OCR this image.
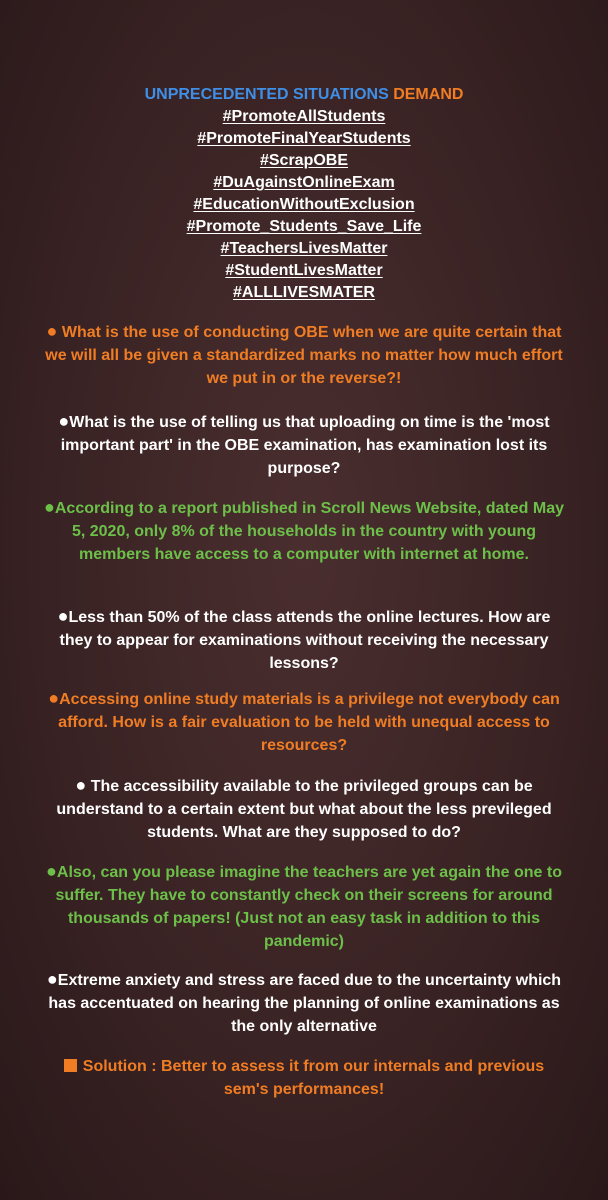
UNPRECEDENTED SITUATIONS DEMAND
#PromoteAllStudents
#PromoteFinalYearStudents
#ScrapOBE
#DuAgainstOnlineExam
#EducationWithoutExclusion
#Promote_Students_Save_Life
#TeachersLivesMatter
#StudentLivesMatter
#ALLLIVESMATER

● What is the use of conducting OBE when we are quite certain that we will all be given a standardized marks no matter how much effort we put in or the reverse?!

●What is the use of telling us that uploading on time is the 'most important part' in the OBE examination, has examination lost its purpose?

●According to a report published in Scroll News Website, dated May 5, 2020, only 8% of the households in the country with young members have access to a computer with internet at home.

●Less than 50% of the class attends the online lectures. How are they to appear for examinations without receiving the necessary lessons?

●Accessing online study materials is a privilege not everybody can afford. How is a fair evaluation to be held with unequal access to resources?

● The accessibility available to the privileged groups can be understand to a certain extent but what about the less previleged students. What are they supposed to do?

●Also, can you please imagine the teachers are yet again the one to suffer. They have to constantly check on their screens for around thousands of papers! (Just not an easy task in addition to this pandemic)

●Extreme anxiety and stress are faced due to the uncertainty which has accentuated on hearing the planning of online examinations as the only alternative

Solution : Better to assess it from our internals and previous sem's performances!
